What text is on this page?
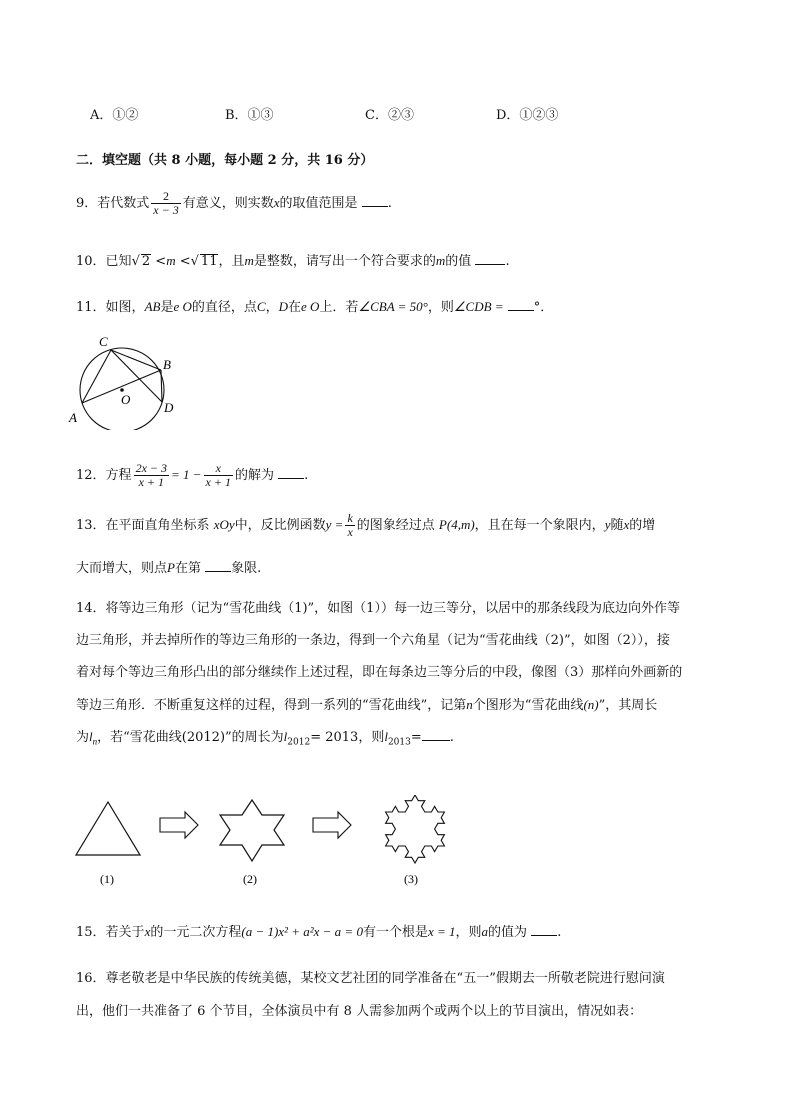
A．①②	B．①③	C．②③	D．①②③
二．填空题（共 8 小题，每小题 2 分，共 16 分）
9．若代数式 $\frac{2}{x - 3}$ 有意义，则实数x的取值范围是 .
10．已知√ 2 <m <√ 11，且m是整数，请写出一个符合要求的m的值	.
11．如图，AB是e O的直径，点C，D在e O上．若∠CBA = 50°，则∠CDB = °．
A
B
C
D
O
12．方程 $\frac{2x - 3}{x + 1} = 1 - \frac{x}{x + 1}$ 的解为 .
13．在平面直角坐标系 xOy中，反比例函数$y = \frac{k}{x}$ 的图象经过点 P(4,m)，且在每一个象限内，y随x的增
大而增大，则点P在第 象限.
14．将等边三角形（记为“雪花曲线（1)”，如图（1））每一边三等分，以居中的那条线段为底边向外作等
边三角形，并去掉所作的等边三角形的一条边，得到一个六角星（记为“雪花曲线（2)”，如图（2）），接
着对每个等边三角形凸出的部分继续作上述过程，即在每条边三等分后的中段，像图（3）那样向外画新的
等边三角形．不断重复这样的过程，得到一系列的“雪花曲线”，记第n个图形为“雪花曲线(n)”，其周长
为$l_n$，若“雪花曲线(2012)”的周长为$l_{2012}= 2013$，则$l_{2013}=$ .
(1)	(2)	(3)
15．若关于x的一元二次方程(a − 1)x² + a²x − a = 0有一个根是x = 1，则a的值为 .
16．尊老敬老是中华民族的传统美德，某校文艺社团的同学准备在“五一”假期去一所敬老院进行慰问演
出，他们一共准备了 6 个节目，全体演员中有 8 人需参加两个或两个以上的节目演出，情况如表：
